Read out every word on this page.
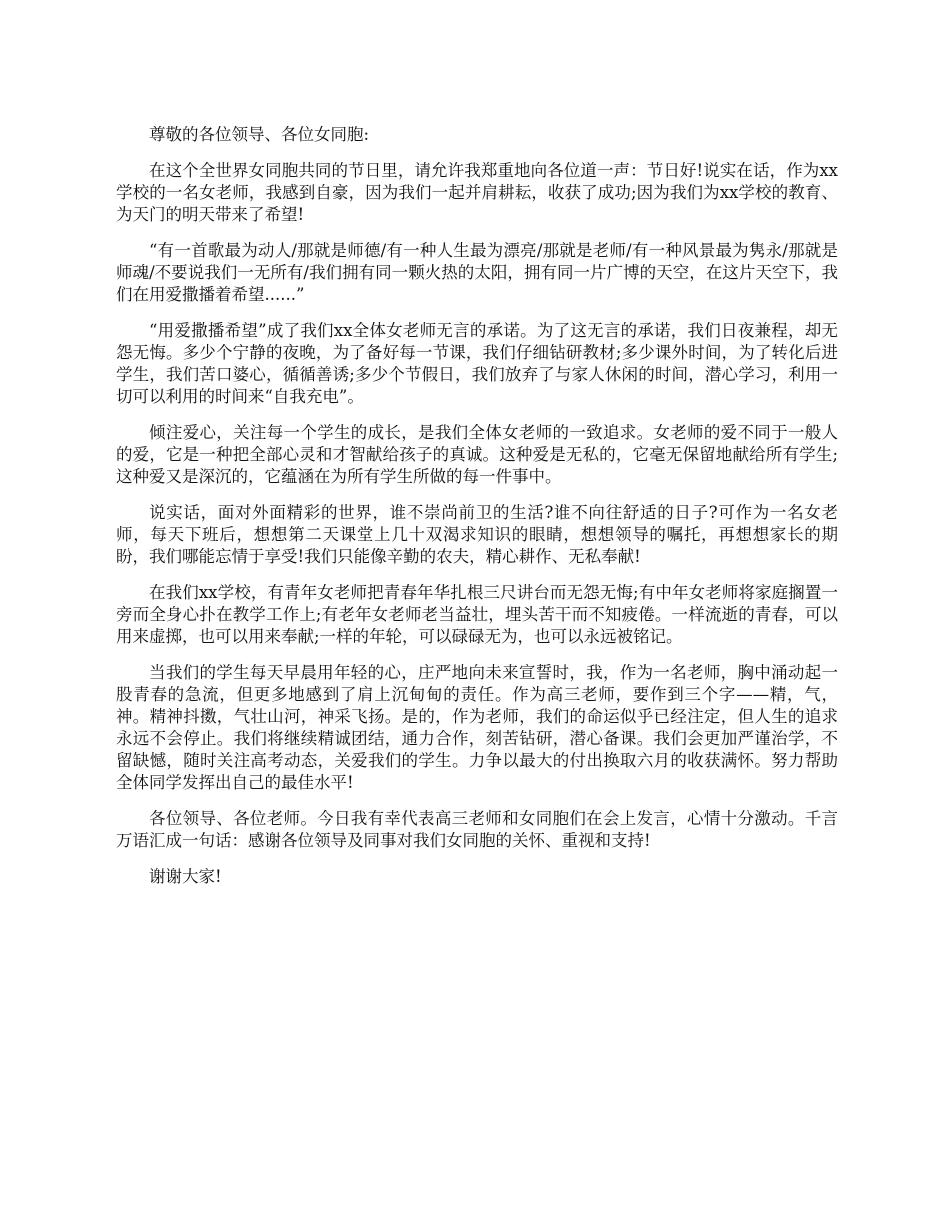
尊敬的各位领导、各位女同胞:

在这个全世界女同胞共同的节日里，请允许我郑重地向各位道一声：节日好!说实在话，作为xx学校的一名女老师，我感到自豪，因为我们一起并肩耕耘，收获了成功;因为我们为xx学校的教育、为天门的明天带来了希望!

“有一首歌最为动人/那就是师德/有一种人生最为漂亮/那就是老师/有一种风景最为隽永/那就是师魂/不要说我们一无所有/我们拥有同一颗火热的太阳，拥有同一片广博的天空，在这片天空下，我们在用爱撒播着希望......”

“用爱撒播希望”成了我们xx全体女老师无言的承诺。为了这无言的承诺，我们日夜兼程，却无怨无悔。多少个宁静的夜晚，为了备好每一节课，我们仔细钻研教材;多少课外时间，为了转化后进学生，我们苦口婆心，循循善诱;多少个节假日，我们放弃了与家人休闲的时间，潜心学习，利用一切可以利用的时间来“自我充电”。

倾注爱心，关注每一个学生的成长，是我们全体女老师的一致追求。女老师的爱不同于一般人的爱，它是一种把全部心灵和才智献给孩子的真诚。这种爱是无私的，它毫无保留地献给所有学生;这种爱又是深沉的，它蕴涵在为所有学生所做的每一件事中。

说实话，面对外面精彩的世界，谁不崇尚前卫的生活?谁不向往舒适的日子?可作为一名女老师，每天下班后，想想第二天课堂上几十双渴求知识的眼睛，想想领导的嘱托，再想想家长的期盼，我们哪能忘情于享受!我们只能像辛勤的农夫，精心耕作、无私奉献!

在我们xx学校，有青年女老师把青春年华扎根三尺讲台而无怨无悔;有中年女老师将家庭搁置一旁而全身心扑在教学工作上;有老年女老师老当益壮，埋头苦干而不知疲倦。一样流逝的青春，可以用来虚掷，也可以用来奉献;一样的年轮，可以碌碌无为，也可以永远被铭记。

当我们的学生每天早晨用年轻的心，庄严地向未来宣誓时，我，作为一名老师，胸中涌动起一股青春的急流，但更多地感到了肩上沉甸甸的责任。作为高三老师，要作到三个字——精，气，神。精神抖擞，气壮山河，神采飞扬。是的，作为老师，我们的命运似乎已经注定，但人生的追求永远不会停止。我们将继续精诚团结，通力合作，刻苦钻研，潜心备课。我们会更加严谨治学，不留缺憾，随时关注高考动态，关爱我们的学生。力争以最大的付出换取六月的收获满怀。努力帮助全体同学发挥出自己的最佳水平!

各位领导、各位老师。今日我有幸代表高三老师和女同胞们在会上发言，心情十分激动。千言万语汇成一句话：感谢各位领导及同事对我们女同胞的关怀、重视和支持!

谢谢大家!
